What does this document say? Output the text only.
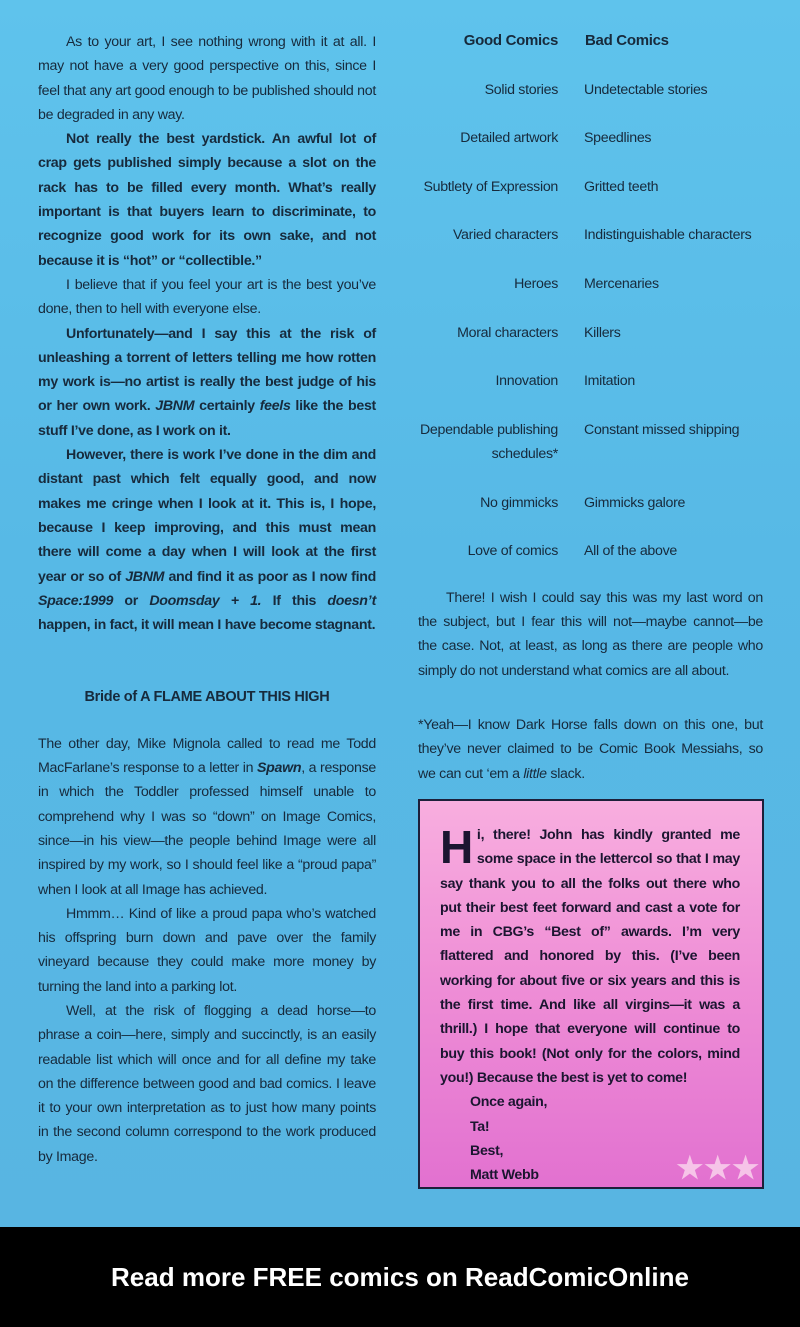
As to your art, I see nothing wrong with it at all. I may not have a very good perspective on this, since I feel that any art good enough to be published should not be degraded in any way.

Not really the best yardstick. An awful lot of crap gets published simply because a slot on the rack has to be filled every month. What’s really important is that buyers learn to discriminate, to recognize good work for its own sake, and not because it is “hot” or “collectible.”

I believe that if you feel your art is the best you’ve done, then to hell with everyone else.

Unfortunately—and I say this at the risk of unleashing a torrent of letters telling me how rotten my work is—no artist is really the best judge of his or her own work. JBNM certainly feels like the best stuff I’ve done, as I work on it.

However, there is work I’ve done in the dim and distant past which felt equally good, and now makes me cringe when I look at it. This is, I hope, because I keep improving, and this must mean there will come a day when I will look at the first year or so of JBNM and find it as poor as I now find Space:1999 or Doomsday + 1. If this doesn’t happen, in fact, it will mean I have become stagnant.

Bride of A FLAME ABOUT THIS HIGH

The other day, Mike Mignola called to read me Todd MacFarlane’s response to a letter in Spawn, a response in which the Toddler professed himself unable to comprehend why I was so “down” on Image Comics, since—in his view—the people behind Image were all inspired by my work, so I should feel like a “proud papa” when I look at all Image has achieved.

Hmmm… Kind of like a proud papa who’s watched his offspring burn down and pave over the family vineyard because they could make more money by turning the land into a parking lot.

Well, at the risk of flogging a dead horse—to phrase a coin—here, simply and succinctly, is an easily readable list which will once and for all define my take on the difference between good and bad comics. I leave it to your own interpretation as to just how many points in the second column correspond to the work produced by Image.

Good Comics	Bad Comics
Solid stories	Undetectable stories
Detailed artwork	Speedlines
Subtlety of Expression	Gritted teeth
Varied characters	Indistinguishable characters
Heroes	Mercenaries
Moral characters	Killers
Innovation	Imitation
Dependable publishing schedules*	Constant missed shipping
No gimmicks	Gimmicks galore
Love of comics	All of the above

There! I wish I could say this was my last word on the subject, but I fear this will not—maybe cannot—be the case. Not, at least, as long as there are people who simply do not understand what comics are all about.

*Yeah—I know Dark Horse falls down on this one, but they’ve never claimed to be Comic Book Messiahs, so we can cut ‘em a little slack.

Hi, there! John has kindly granted me some space in the lettercol so that I may say thank you to all the folks out there who put their best feet forward and cast a vote for me in CBG’s “Best of” awards. I’m very flattered and honored by this. (I’ve been working for about five or six years and this is the first time. And like all virgins—it was a thrill.) I hope that everyone will continue to buy this book! (Not only for the colors, mind you!) Because the best is yet to come!
Once again,
Ta!
Best,
Matt Webb	★★★
Read more FREE comics on ReadComicOnline
